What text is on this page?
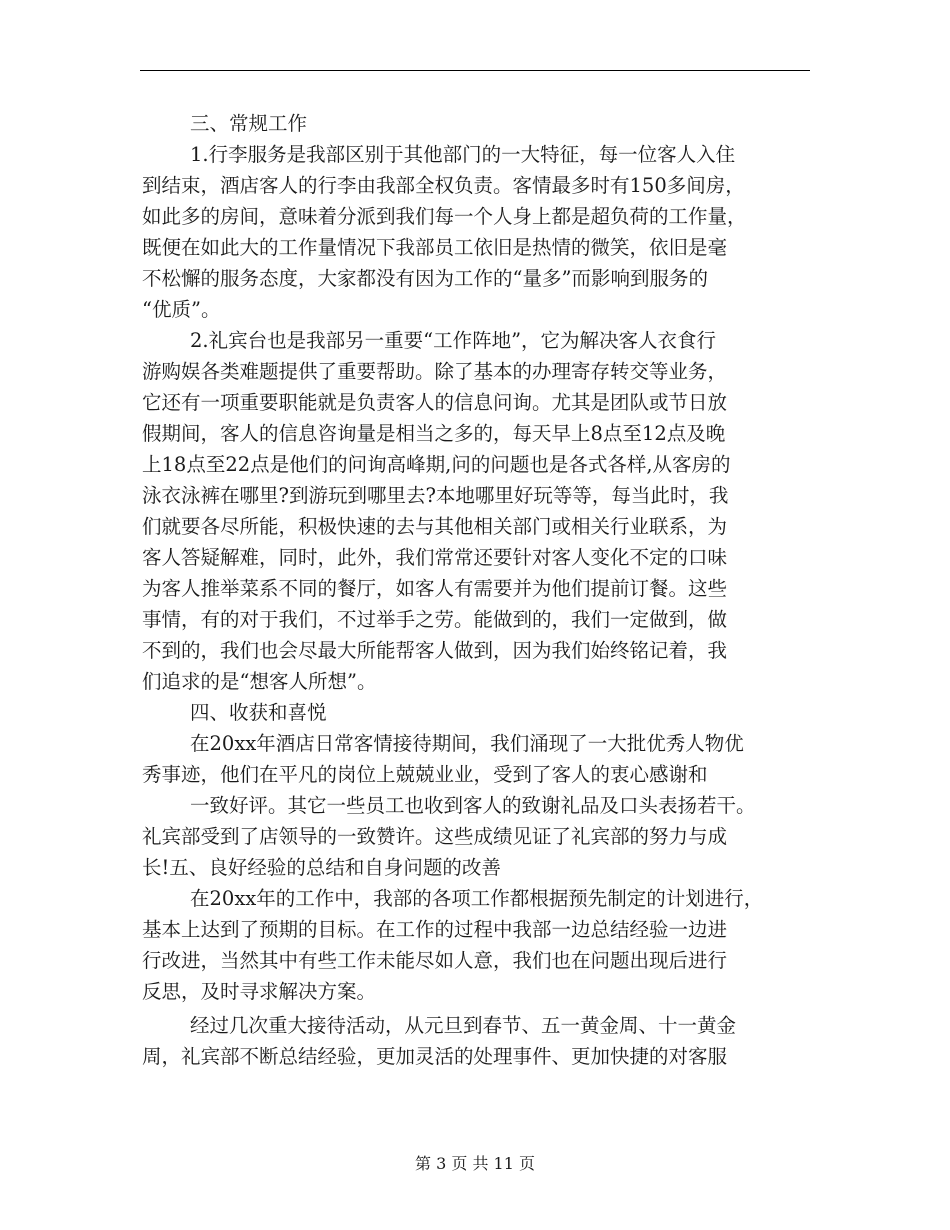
三、常规工作
1.行李服务是我部区别于其他部门的一大特征，每一位客人入住
到结束，酒店客人的行李由我部全权负责。客情最多时有150多间房，
如此多的房间，意味着分派到我们每一个人身上都是超负荷的工作量，
既便在如此大的工作量情况下我部员工依旧是热情的微笑，依旧是毫
不松懈的服务态度，大家都没有因为工作的“量多”而影响到服务的
“优质”。
2.礼宾台也是我部另一重要“工作阵地”，它为解决客人衣食行
游购娱各类难题提供了重要帮助。除了基本的办理寄存转交等业务，
它还有一项重要职能就是负责客人的信息问询。尤其是团队或节日放
假期间，客人的信息咨询量是相当之多的，每天早上8点至12点及晚
上18点至22点是他们的问询高峰期,问的问题也是各式各样,从客房的
泳衣泳裤在哪里?到游玩到哪里去?本地哪里好玩等等，每当此时，我
们就要各尽所能，积极快速的去与其他相关部门或相关行业联系，为
客人答疑解难，同时，此外，我们常常还要针对客人变化不定的口味
为客人推举菜系不同的餐厅，如客人有需要并为他们提前订餐。这些
事情，有的对于我们，不过举手之劳。能做到的，我们一定做到，做
不到的，我们也会尽最大所能帮客人做到，因为我们始终铭记着，我
们追求的是“想客人所想”。
四、收获和喜悦
在20xx年酒店日常客情接待期间，我们涌现了一大批优秀人物优
秀事迹，他们在平凡的岗位上兢兢业业，受到了客人的衷心感谢和
一致好评。其它一些员工也收到客人的致谢礼品及口头表扬若干。
礼宾部受到了店领导的一致赞许。这些成绩见证了礼宾部的努力与成
长!五、良好经验的总结和自身问题的改善
在20xx年的工作中，我部的各项工作都根据预先制定的计划进行，
基本上达到了预期的目标。在工作的过程中我部一边总结经验一边进
行改进，当然其中有些工作未能尽如人意，我们也在问题出现后进行
反思，及时寻求解决方案。
经过几次重大接待活动，从元旦到春节、五一黄金周、十一黄金
周，礼宾部不断总结经验，更加灵活的处理事件、更加快捷的对客服
第 3 页 共 11 页
